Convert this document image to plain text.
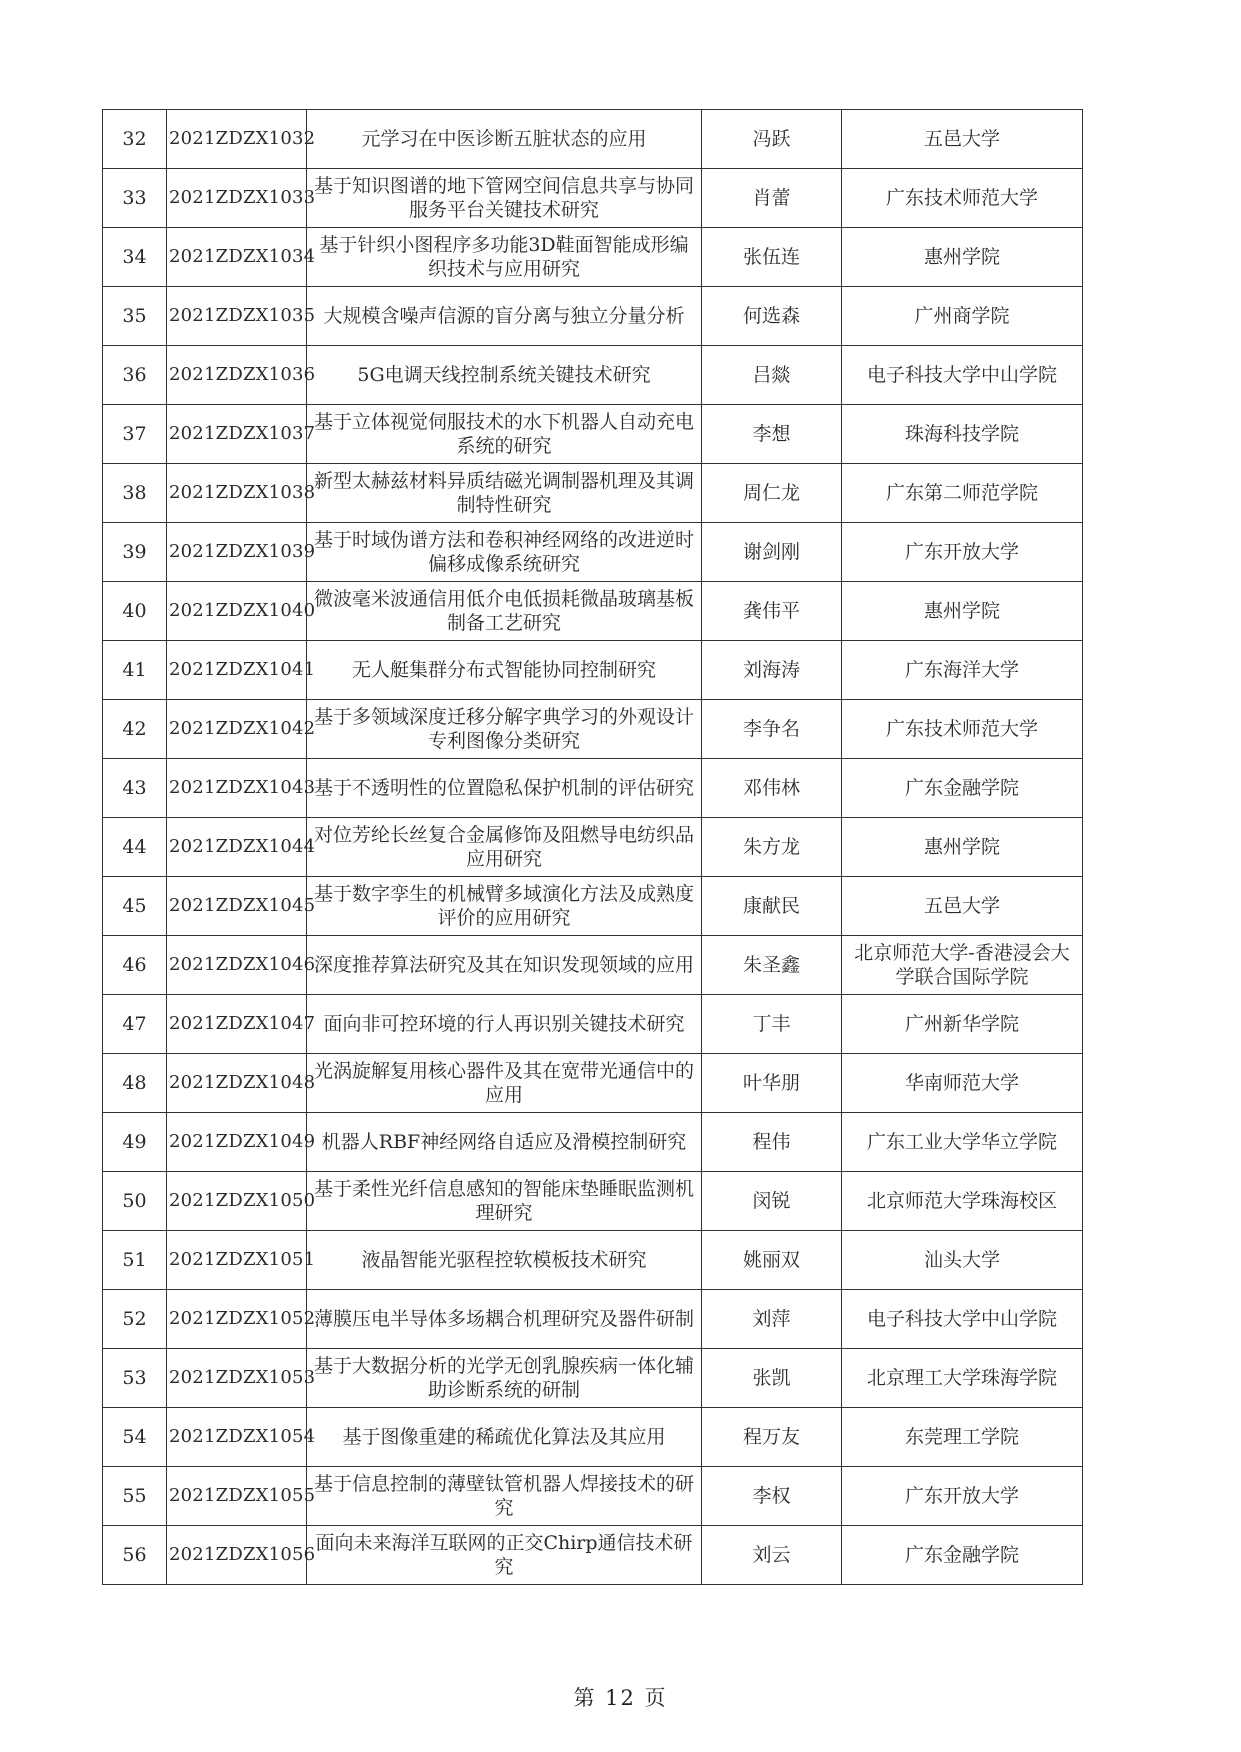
32	2021ZDZX1032	元学习在中医诊断五脏状态的应用	冯跃	五邑大学
33	2021ZDZX1033	基于知识图谱的地下管网空间信息共享与协同服务平台关键技术研究	肖蕾	广东技术师范大学
34	2021ZDZX1034	基于针织小图程序多功能3D鞋面智能成形编织技术与应用研究	张伍连	惠州学院
35	2021ZDZX1035	大规模含噪声信源的盲分离与独立分量分析	何选森	广州商学院
36	2021ZDZX1036	5G电调天线控制系统关键技术研究	吕燚	电子科技大学中山学院
37	2021ZDZX1037	基于立体视觉伺服技术的水下机器人自动充电系统的研究	李想	珠海科技学院
38	2021ZDZX1038	新型太赫兹材料异质结磁光调制器机理及其调制特性研究	周仁龙	广东第二师范学院
39	2021ZDZX1039	基于时域伪谱方法和卷积神经网络的改进逆时偏移成像系统研究	谢剑刚	广东开放大学
40	2021ZDZX1040	微波毫米波通信用低介电低损耗微晶玻璃基板制备工艺研究	龚伟平	惠州学院
41	2021ZDZX1041	无人艇集群分布式智能协同控制研究	刘海涛	广东海洋大学
42	2021ZDZX1042	基于多领域深度迁移分解字典学习的外观设计专利图像分类研究	李争名	广东技术师范大学
43	2021ZDZX1043	基于不透明性的位置隐私保护机制的评估研究	邓伟林	广东金融学院
44	2021ZDZX1044	对位芳纶长丝复合金属修饰及阻燃导电纺织品应用研究	朱方龙	惠州学院
45	2021ZDZX1045	基于数字孪生的机械臂多域演化方法及成熟度评价的应用研究	康献民	五邑大学
46	2021ZDZX1046	深度推荐算法研究及其在知识发现领域的应用	朱圣鑫	北京师范大学-香港浸会大学联合国际学院
47	2021ZDZX1047	面向非可控环境的行人再识别关键技术研究	丁丰	广州新华学院
48	2021ZDZX1048	光涡旋解复用核心器件及其在宽带光通信中的应用	叶华朋	华南师范大学
49	2021ZDZX1049	机器人RBF神经网络自适应及滑模控制研究	程伟	广东工业大学华立学院
50	2021ZDZX1050	基于柔性光纤信息感知的智能床垫睡眠监测机理研究	闵锐	北京师范大学珠海校区
51	2021ZDZX1051	液晶智能光驱程控软模板技术研究	姚丽双	汕头大学
52	2021ZDZX1052	薄膜压电半导体多场耦合机理研究及器件研制	刘萍	电子科技大学中山学院
53	2021ZDZX1053	基于大数据分析的光学无创乳腺疾病一体化辅助诊断系统的研制	张凯	北京理工大学珠海学院
54	2021ZDZX1054	基于图像重建的稀疏优化算法及其应用	程万友	东莞理工学院
55	2021ZDZX1055	基于信息控制的薄壁钛管机器人焊接技术的研究	李权	广东开放大学
56	2021ZDZX1056	面向未来海洋互联网的正交Chirp通信技术研究	刘云	广东金融学院
第 12 页
